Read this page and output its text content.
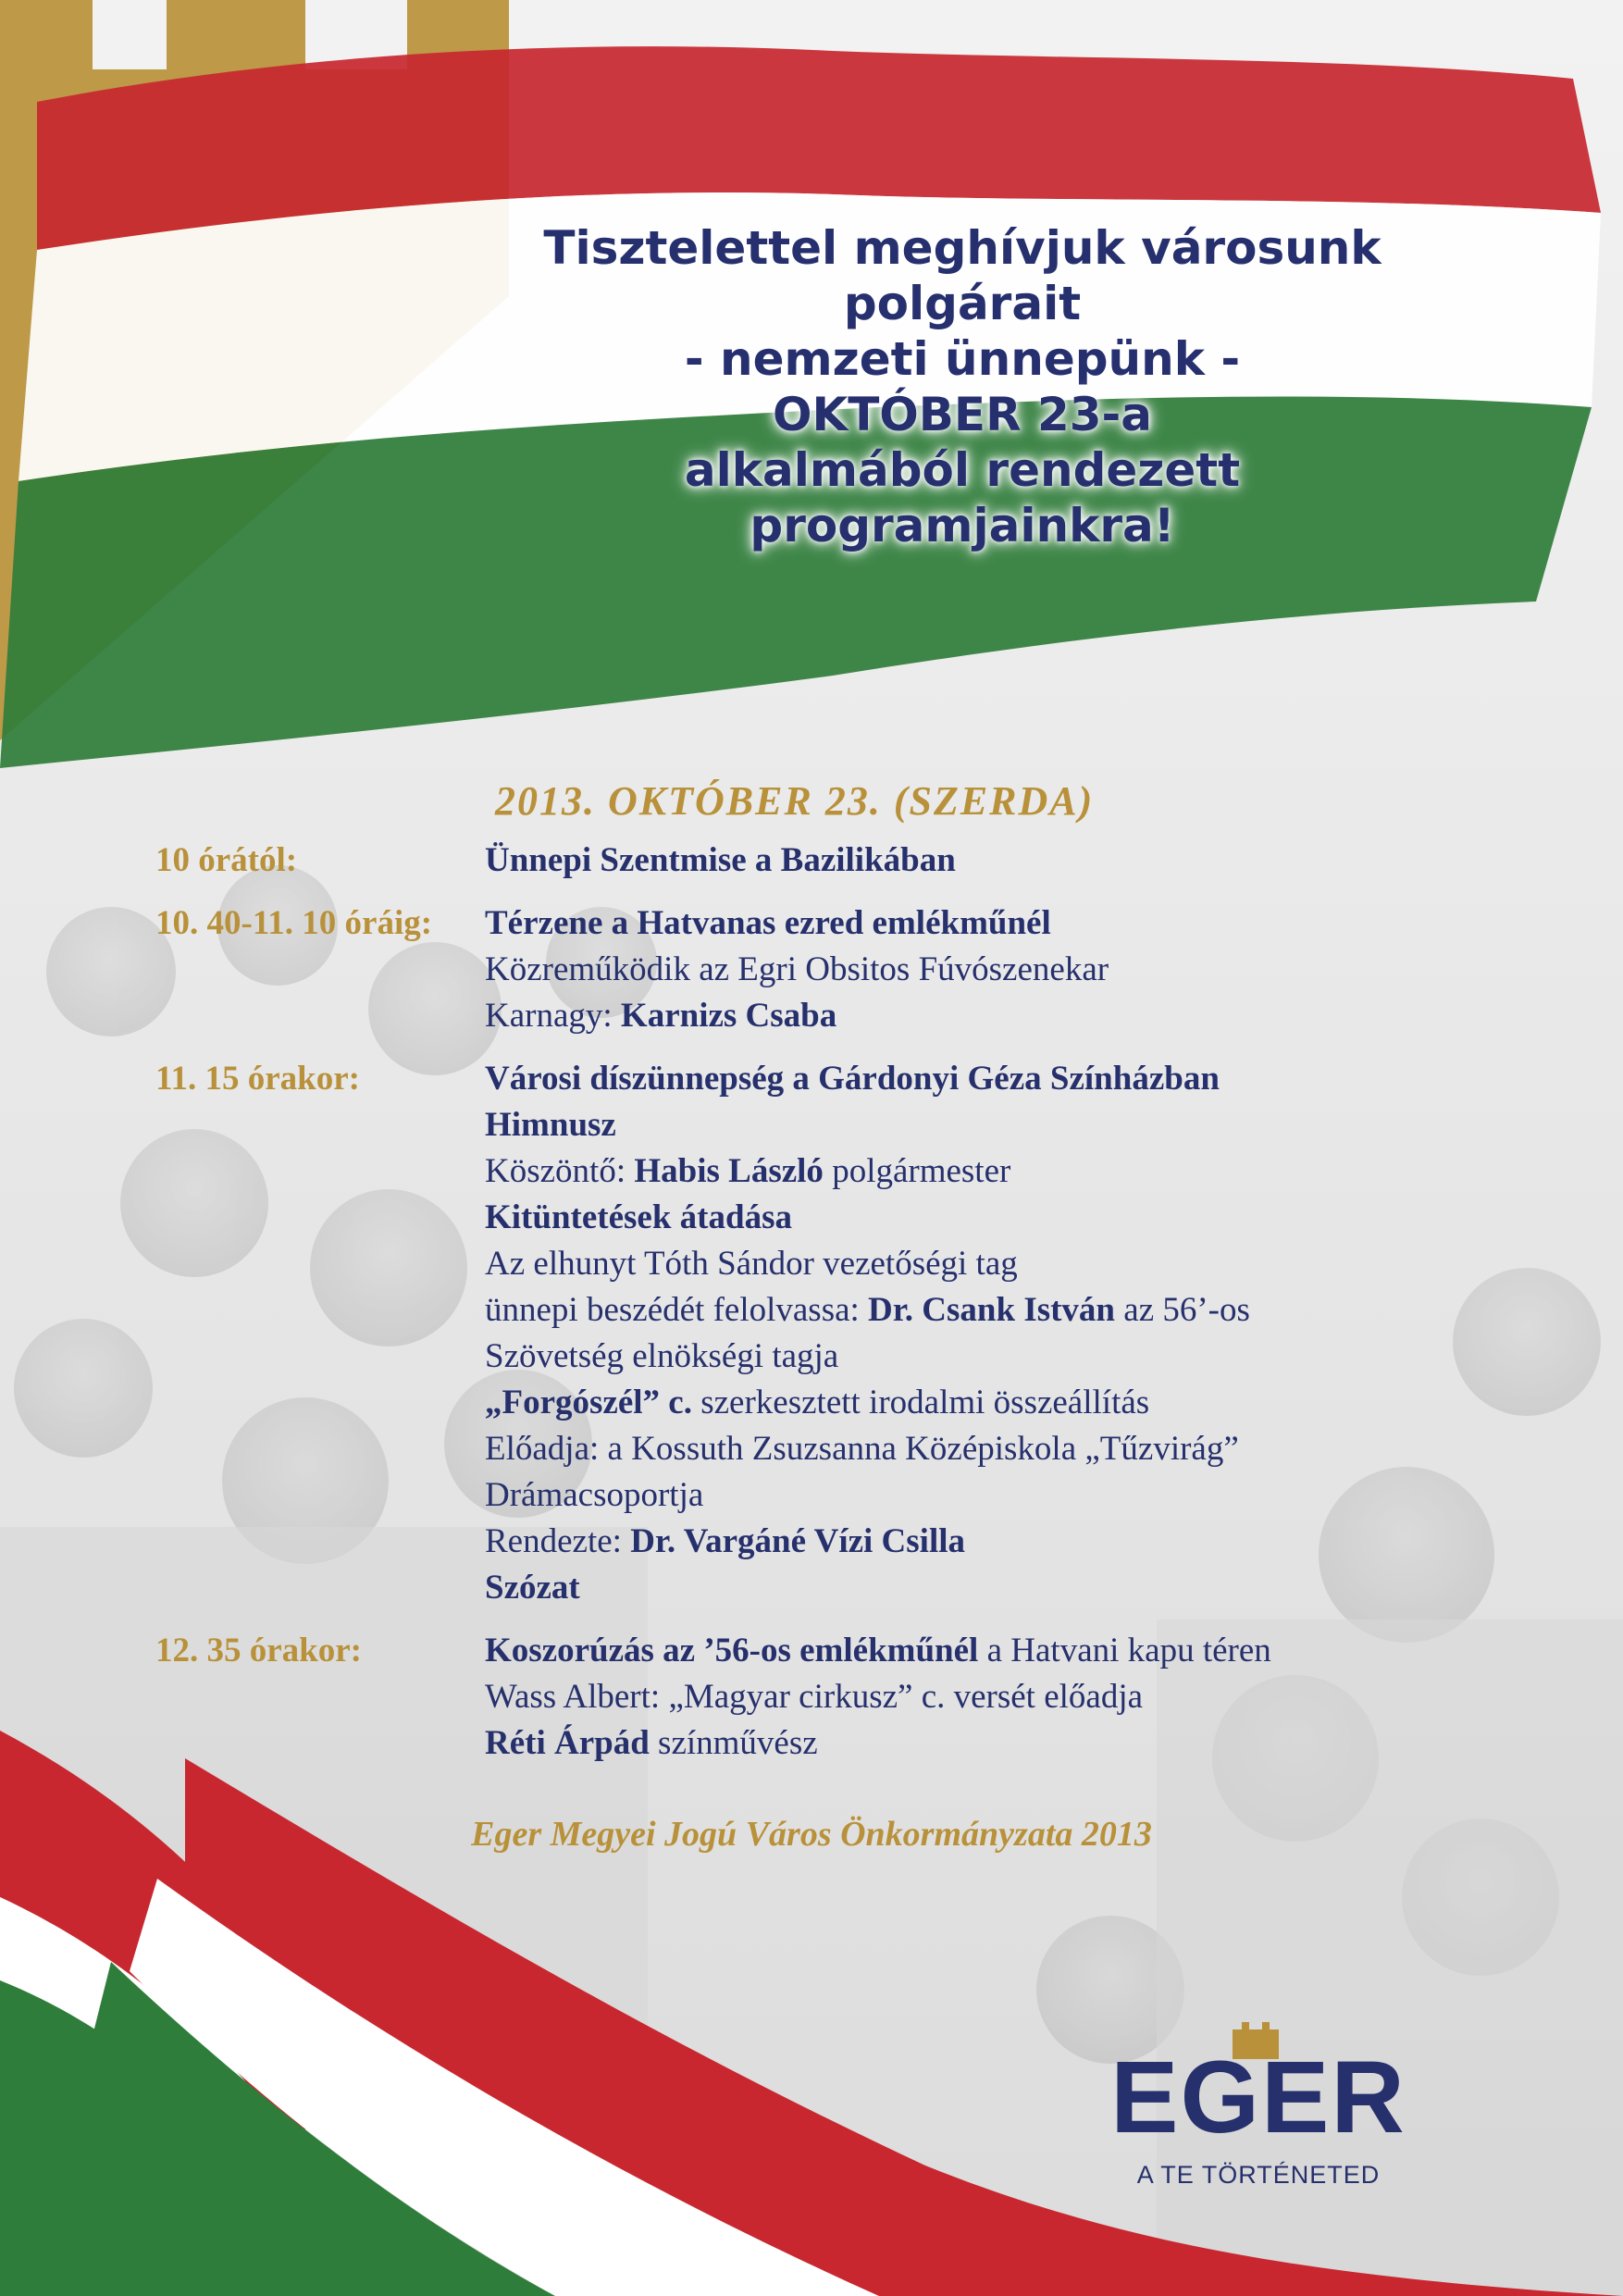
Tisztelettel meghívjuk városunk
polgárait
- nemzeti ünnepünk -
OKTÓBER 23-a
alkalmából rendezett
programjainkra!
2013. OKTÓBER 23. (SZERDA)
10 órától:	Ünnepi Szentmise a Bazilikában
10. 40-11. 10 óráig: Térzene a Hatvanas ezred emlékműnél
Közreműködik az Egri Obsitos Fúvószenekar
Karnagy: Karnizs Csaba
11. 15 órakor:	Városi díszünnepség a Gárdonyi Géza Színházban
Himnusz
Köszöntő: Habis László polgármester
Kitüntetések átadása
Az elhunyt Tóth Sándor vezetőségi tag
ünnepi beszédét felolvassa: Dr. Csank István az 56’-os
Szövetség elnökségi tagja
„Forgószél” c. szerkesztett irodalmi összeállítás
Előadja: a Kossuth Zsuzsanna Középiskola „Tűzvirág”
Drámacsoportja
Rendezte: Dr. Vargáné Vízi Csilla
Szózat
12. 35 órakor:	Koszorúzás az ’56-os emlékműnél a Hatvani kapu téren
Wass Albert: „Magyar cirkusz” c. versét előadja
Réti Árpád színművész
Eger Megyei Jogú Város Önkormányzata 2013
EGER
A TE TÖRTÉNETED
